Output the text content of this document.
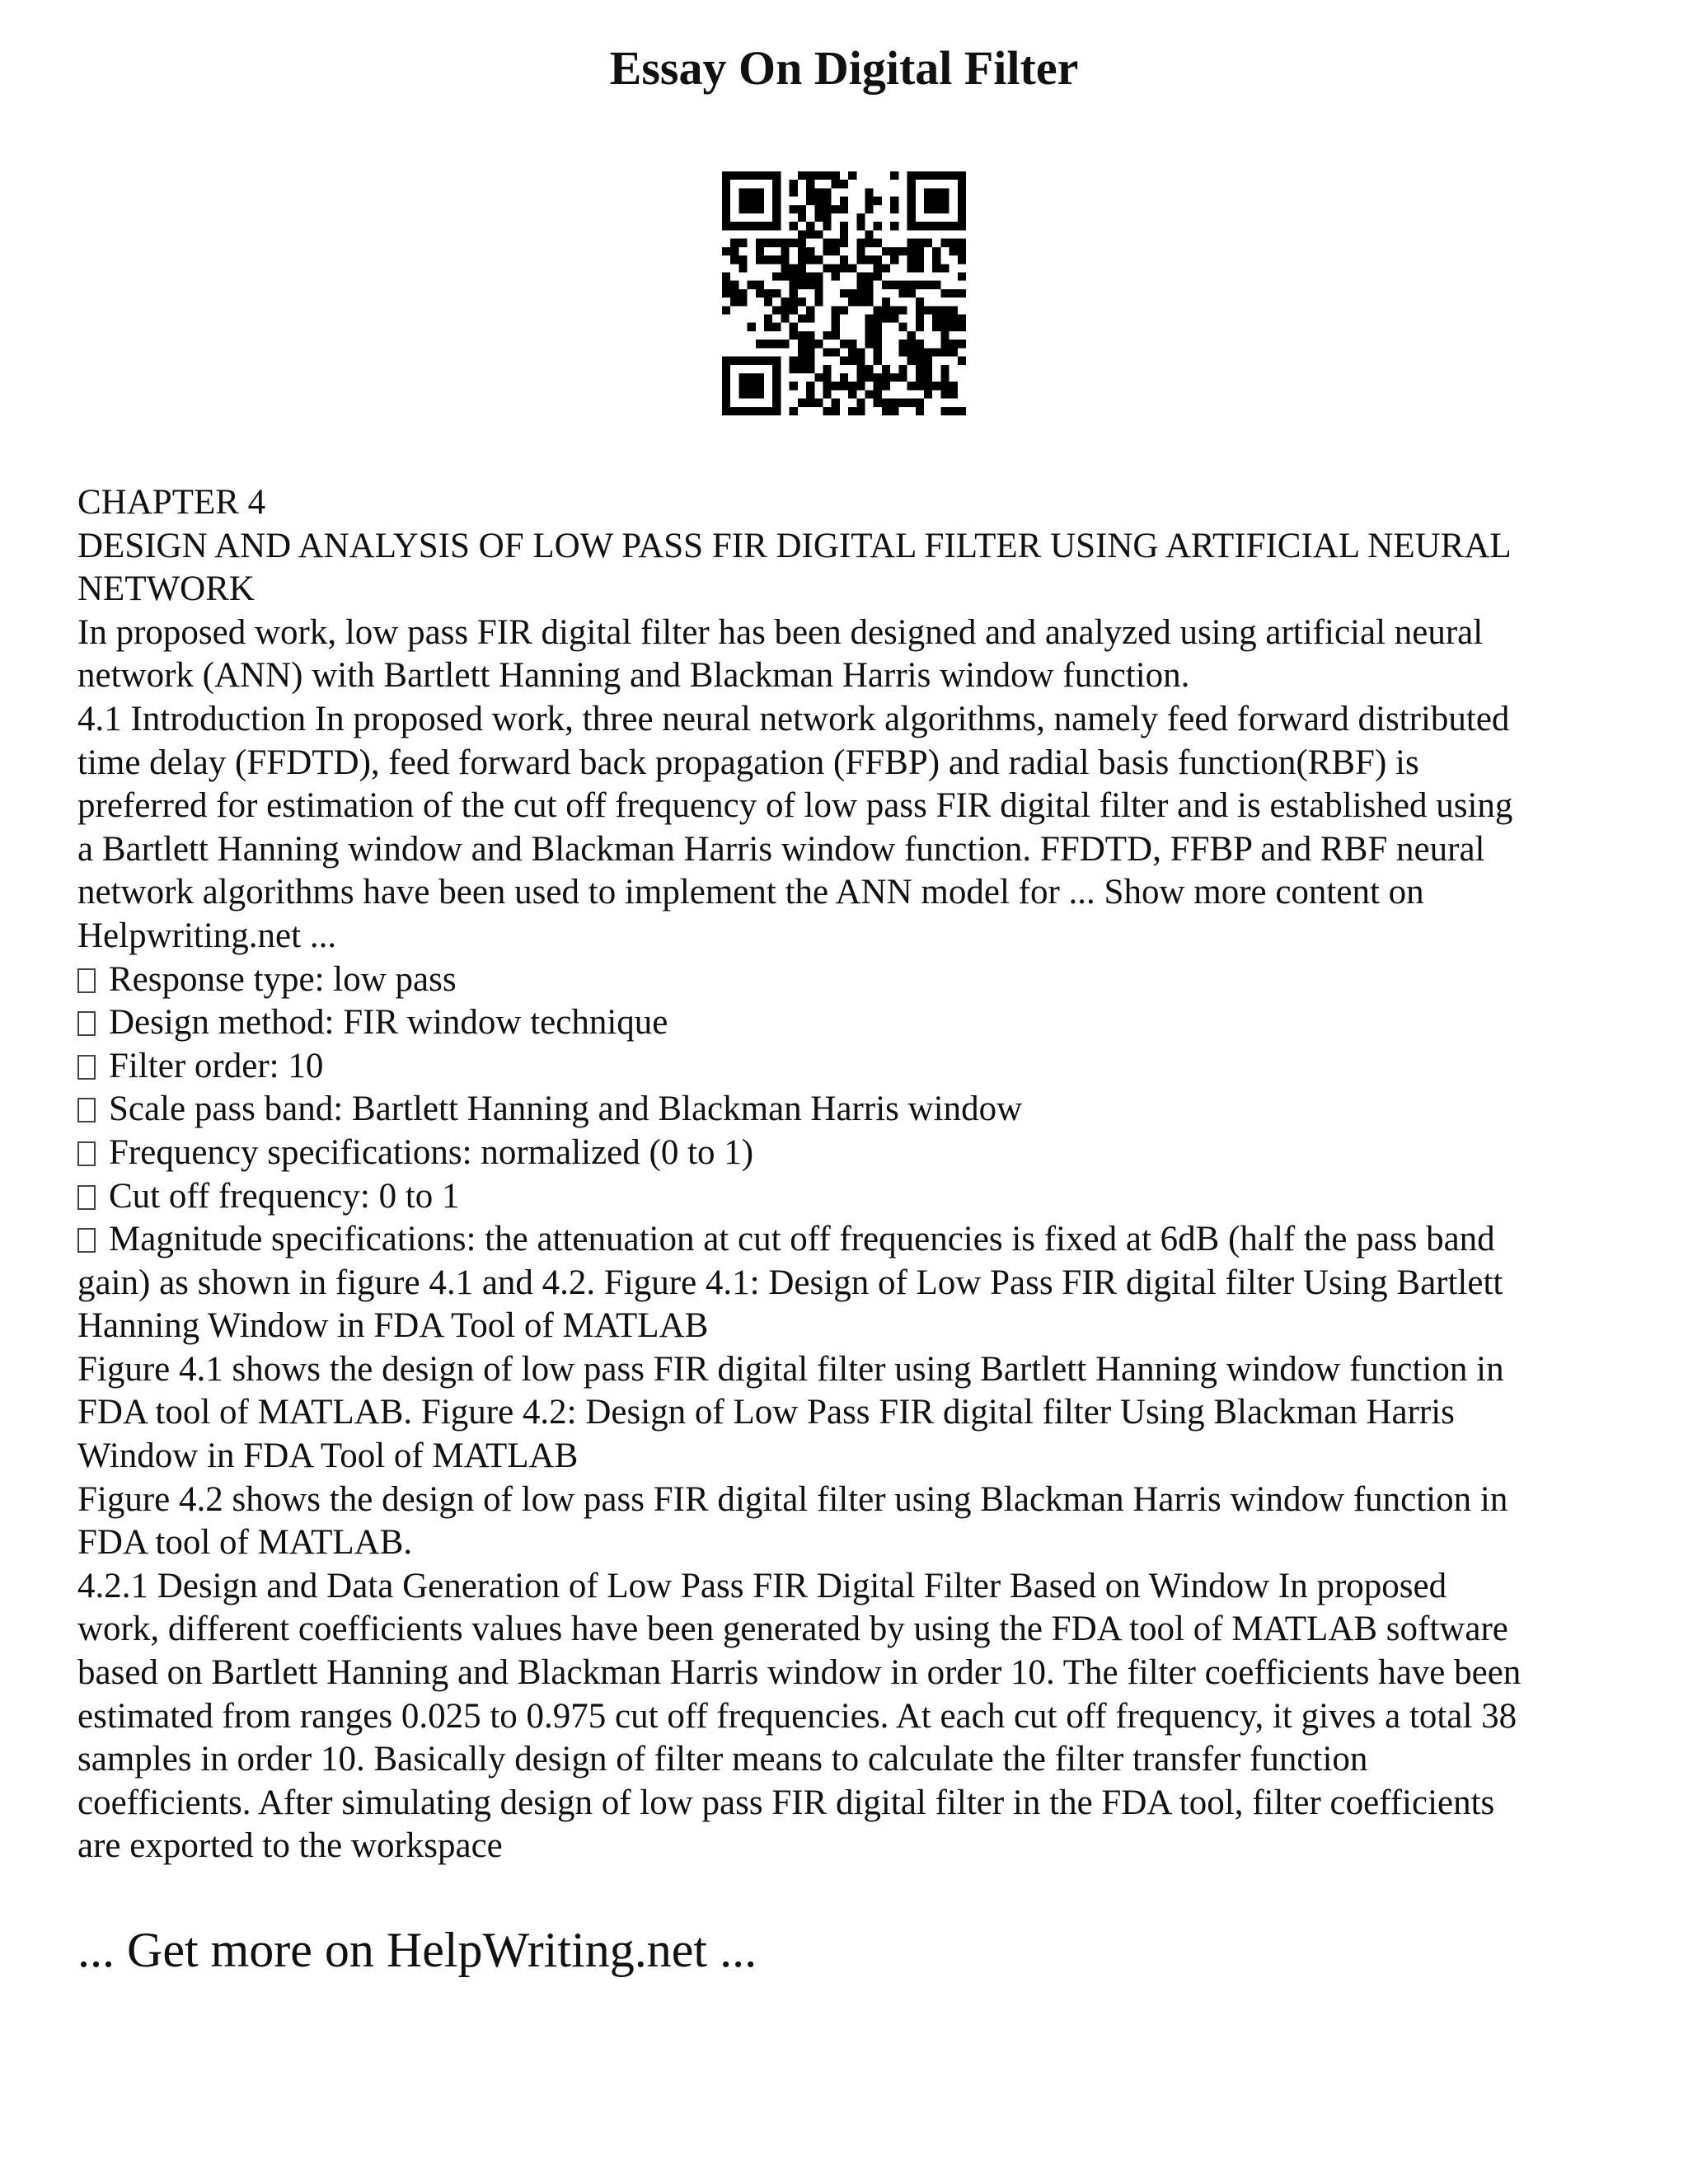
Essay On Digital Filter
CHAPTER 4
DESIGN AND ANALYSIS OF LOW PASS FIR DIGITAL FILTER USING ARTIFICIAL NEURAL
NETWORK
In proposed work, low pass FIR digital filter has been designed and analyzed using artificial neural
network (ANN) with Bartlett Hanning and Blackman Harris window function.
4.1 Introduction In proposed work, three neural network algorithms, namely feed forward distributed
time delay (FFDTD), feed forward back propagation (FFBP) and radial basis function(RBF) is
preferred for estimation of the cut off frequency of low pass FIR digital filter and is established using
a Bartlett Hanning window and Blackman Harris window function. FFDTD, FFBP and RBF neural
network algorithms have been used to implement the ANN model for ... Show more content on
Helpwriting.net ...
Response type: low pass
Design method: FIR window technique
Filter order: 10
Scale pass band: Bartlett Hanning and Blackman Harris window
Frequency specifications: normalized (0 to 1)
Cut off frequency: 0 to 1
Magnitude specifications: the attenuation at cut off frequencies is fixed at 6dB (half the pass band
gain) as shown in figure 4.1 and 4.2. Figure 4.1: Design of Low Pass FIR digital filter Using Bartlett
Hanning Window in FDA Tool of MATLAB
Figure 4.1 shows the design of low pass FIR digital filter using Bartlett Hanning window function in
FDA tool of MATLAB. Figure 4.2: Design of Low Pass FIR digital filter Using Blackman Harris
Window in FDA Tool of MATLAB
Figure 4.2 shows the design of low pass FIR digital filter using Blackman Harris window function in
FDA tool of MATLAB.
4.2.1 Design and Data Generation of Low Pass FIR Digital Filter Based on Window In proposed
work, different coefficients values have been generated by using the FDA tool of MATLAB software
based on Bartlett Hanning and Blackman Harris window in order 10. The filter coefficients have been
estimated from ranges 0.025 to 0.975 cut off frequencies. At each cut off frequency, it gives a total 38
samples in order 10. Basically design of filter means to calculate the filter transfer function
coefficients. After simulating design of low pass FIR digital filter in the FDA tool, filter coefficients
are exported to the workspace
... Get more on HelpWriting.net ...
